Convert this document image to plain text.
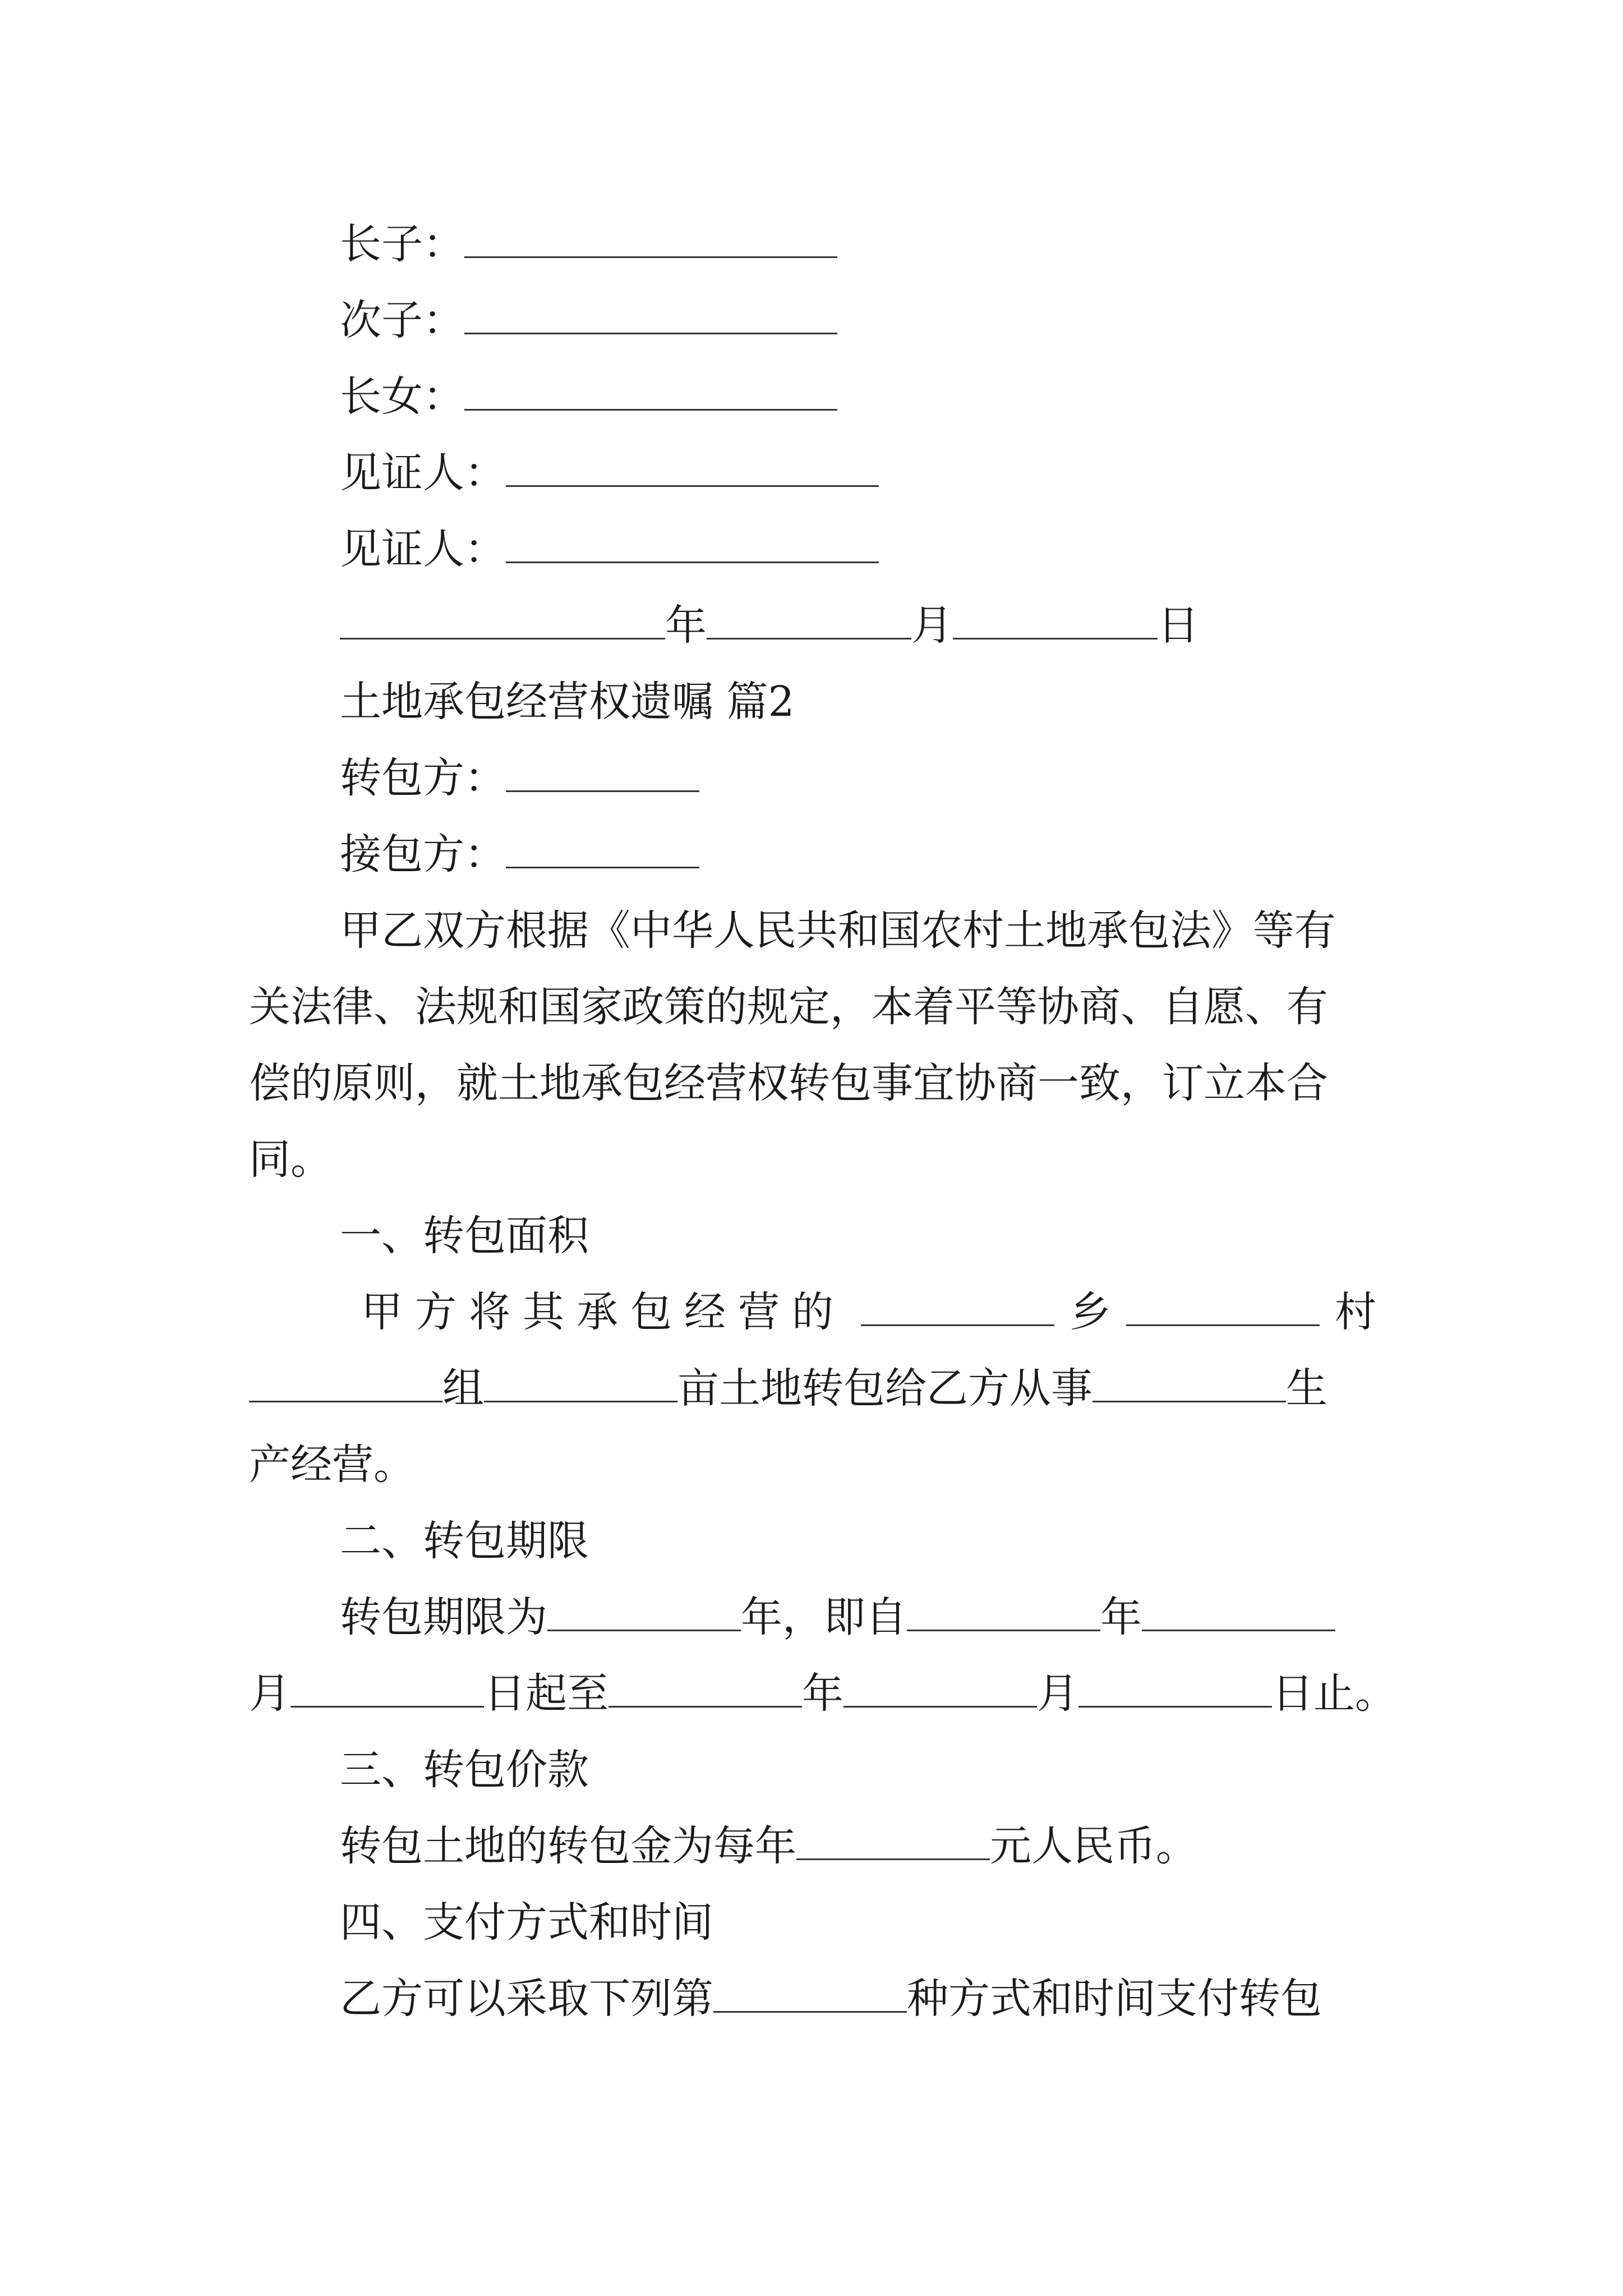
长子：
次子：
长女：
见证人：
见证人：
年	月	日
土地承包经营权遗嘱 篇2
转包方：
接包方：
甲乙双方根据《中华人民共和国农村土地承包法》等有
关法律、法规和国家政策的规定，本着平等协商、自愿、有
偿的原则，就土地承包经营权转包事宜协商一致，订立本合
同。
一、转包面积
甲方将其承包经营的	乡	村
组	亩土地转包给乙方从事	生
产经营。
二、转包期限
转包期限为	年，即自	年
月	日起至	年	月	日止。
三、转包价款
转包土地的转包金为每年	元人民币。
四、支付方式和时间
乙方可以采取下列第	种方式和时间支付转包
